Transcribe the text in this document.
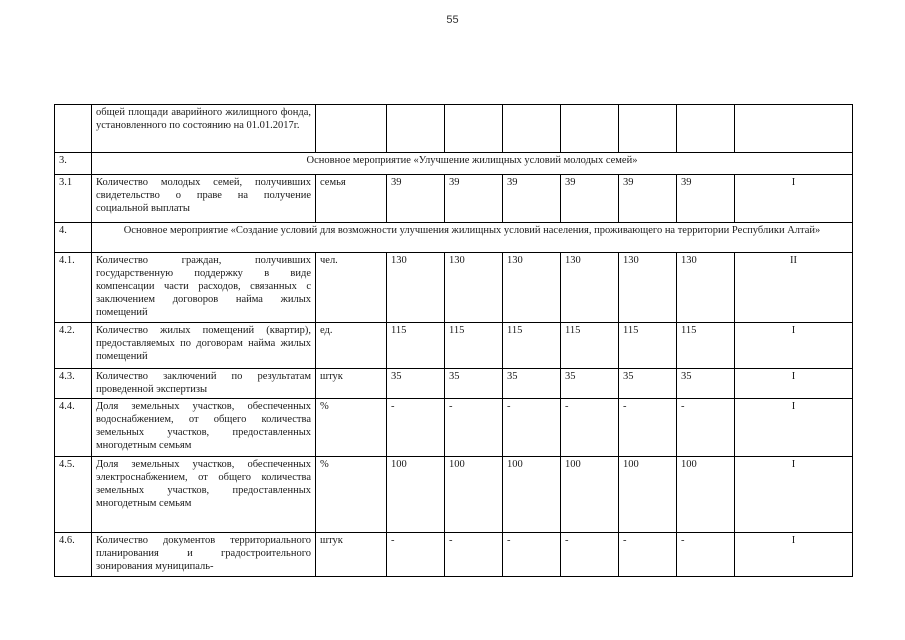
55
	общей площади аварийного жилищного фонда, установленного по состоянию на 01.01.2017г.								
3.	Основное мероприятие «Улучшение жилищных условий молодых семей»								
3.1	Количество молодых семей, получивших свидетельство о праве на получение социальной выплаты	семья	39	39	39	39	39	39	I
4.	Основное мероприятие «Создание условий для возможности улучшения жилищных условий населения, проживающего на территории Республики Алтай»								
4.1.	Количество граждан, получивших государственную поддержку в виде компенсации части расходов, связанных с заключением договоров найма жилых помещений	чел.	130	130	130	130	130	130	II
4.2.	Количество жилых помещений (квартир), предоставляемых по договорам найма жилых помещений	ед.	115	115	115	115	115	115	I
4.3.	Количество заключений по результатам проведенной экспертизы	штук	35	35	35	35	35	35	I
4.4.	Доля земельных участков, обеспеченных водоснабжением, от общего количества земельных участков, предоставленных многодетным семьям	%	-	-	-	-	-	-	I
4.5.	Доля земельных участков, обеспеченных электроснабжением, от общего количества земельных участков, предоставленных многодетным семьям	%	100	100	100	100	100	100	I
4.6.	Количество документов территориального планирования и градостроительного зонирования муниципаль-	штук	-	-	-	-	-	-	I
